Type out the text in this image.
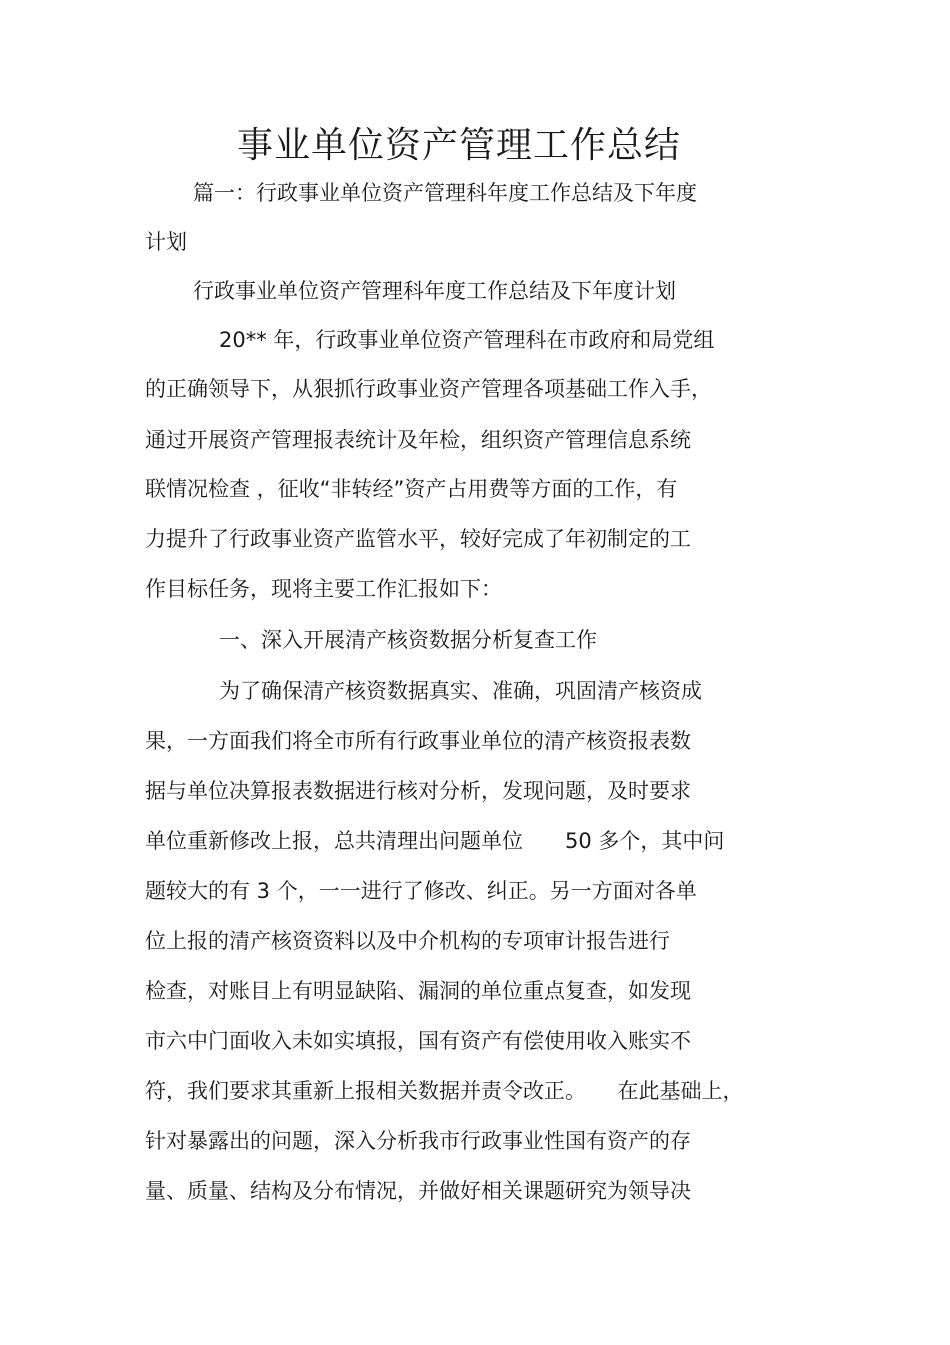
事业单位资产管理工作总结
篇一：行政事业单位资产管理科年度工作总结及下年度
计划
行政事业单位资产管理科年度工作总结及下年度计划
20** 年，行政事业单位资产管理科在市政府和局党组
的正确领导下，从狠抓行政事业资产管理各项基础工作入手，
通过开展资产管理报表统计及年检，组织资产管理信息系统
联情况检查 ，征收“非转经”资产占用费等方面的工作，有
力提升了行政事业资产监管水平，较好完成了年初制定的工
作目标任务，现将主要工作汇报如下：
一、深入开展清产核资数据分析复查工作
为了确保清产核资数据真实、准确，巩固清产核资成
果，一方面我们将全市所有行政事业单位的清产核资报表数
据与单位决算报表数据进行核对分析，发现问题，及时要求
单位重新修改上报，总共清理出问题单位　　50 多个，其中问
题较大的有 3 个，一一进行了修改、纠正。另一方面对各单
位上报的清产核资资料以及中介机构的专项审计报告进行
检查，对账目上有明显缺陷、漏洞的单位重点复查，如发现
市六中门面收入未如实填报，国有资产有偿使用收入账实不
符，我们要求其重新上报相关数据并责令改正。　　在此基础上，
针对暴露出的问题，深入分析我市行政事业性国有资产的存
量、质量、结构及分布情况，并做好相关课题研究为领导决
